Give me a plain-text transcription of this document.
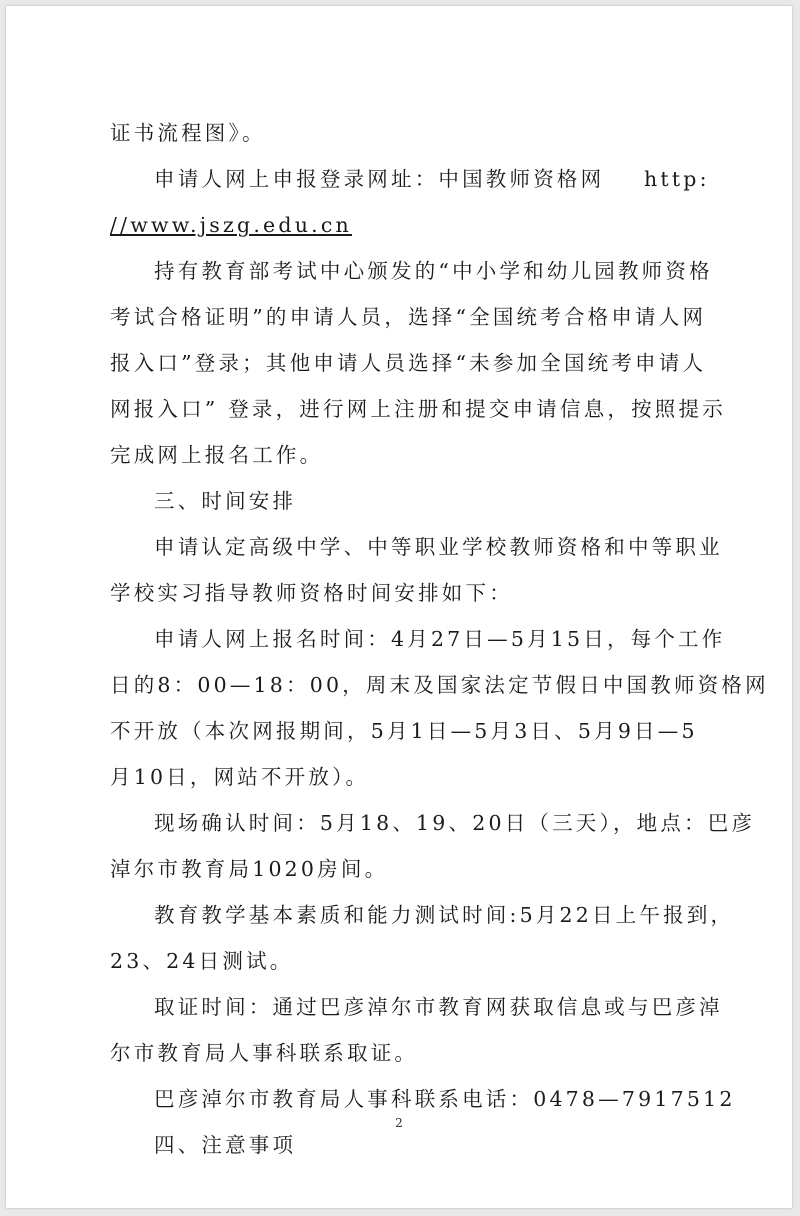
证书流程图》。
申请人网上申报登录网址：中国教师资格网 http:
//www.jszg.edu.cn
持有教育部考试中心颁发的“中小学和幼儿园教师资格
考试合格证明”的申请人员，选择“全国统考合格申请人网
报入口”登录；其他申请人员选择“未参加全国统考申请人
网报入口” 登录，进行网上注册和提交申请信息，按照提示
完成网上报名工作。
三、时间安排
申请认定高级中学、中等职业学校教师资格和中等职业
学校实习指导教师资格时间安排如下：
申请人网上报名时间：4月27日—5月15日，每个工作
日的8：00—18：00，周末及国家法定节假日中国教师资格网
不开放（本次网报期间，5月1日—5月3日、5月9日—5
月10日，网站不开放）。
现场确认时间：5月18、19、20日（三天），地点：巴彦
淖尔市教育局1020房间。
教育教学基本素质和能力测试时间:5月22日上午报到，
23、24日测试。
取证时间：通过巴彦淖尔市教育网获取信息或与巴彦淖
尔市教育局人事科联系取证。
巴彦淖尔市教育局人事科联系电话：0478—7917512
四、注意事项
2
